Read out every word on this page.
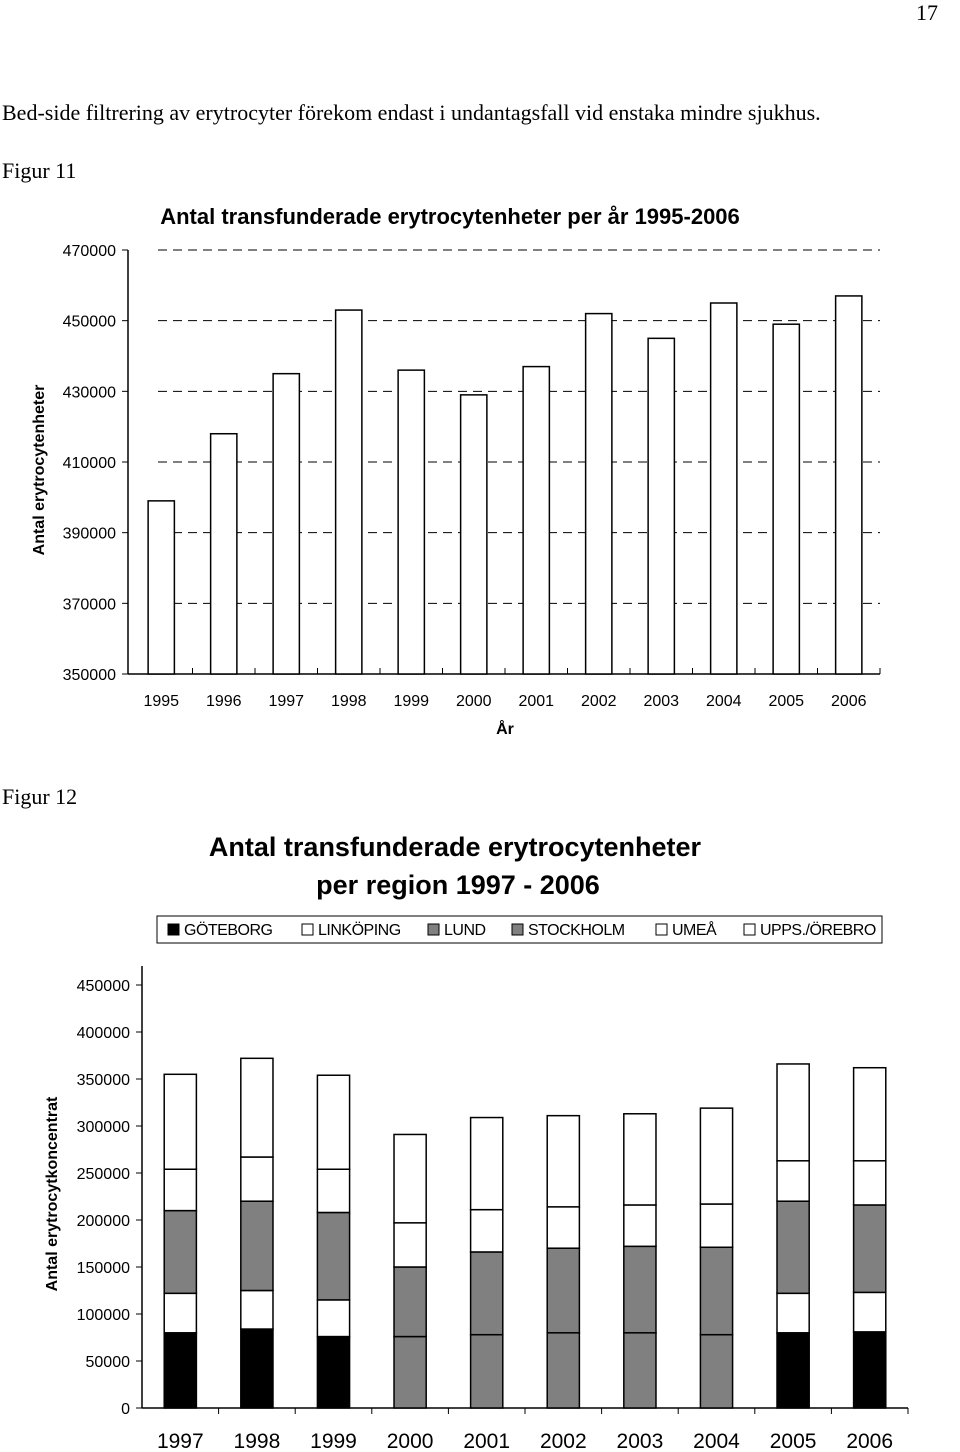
17
Bed-side filtrering av erytrocyter förekom endast i undantagsfall vid enstaka mindre sjukhus.
Figur 11
Figur 12
Antal transfunderade erytrocytenheter per år 1995-2006
350000
370000
390000
410000
430000
450000
470000
1995 1996 1997 1998 1999 2000 2001 2002 2003 2004 2005 2006
År
Antal erytrocytenheter
Antal transfunderade erytrocytenheter
per region 1997 - 2006
GÖTEBORG	LINKÖPING	LUND	STOCKHOLM	UMEÅ	UPPS./ÖREBRO
0
50000
100000
150000
200000
250000
300000
350000
400000
450000
1997 1998 1999 2000 2001 2002 2003 2004 2005 2006
Antal erytrocytkoncentrat
